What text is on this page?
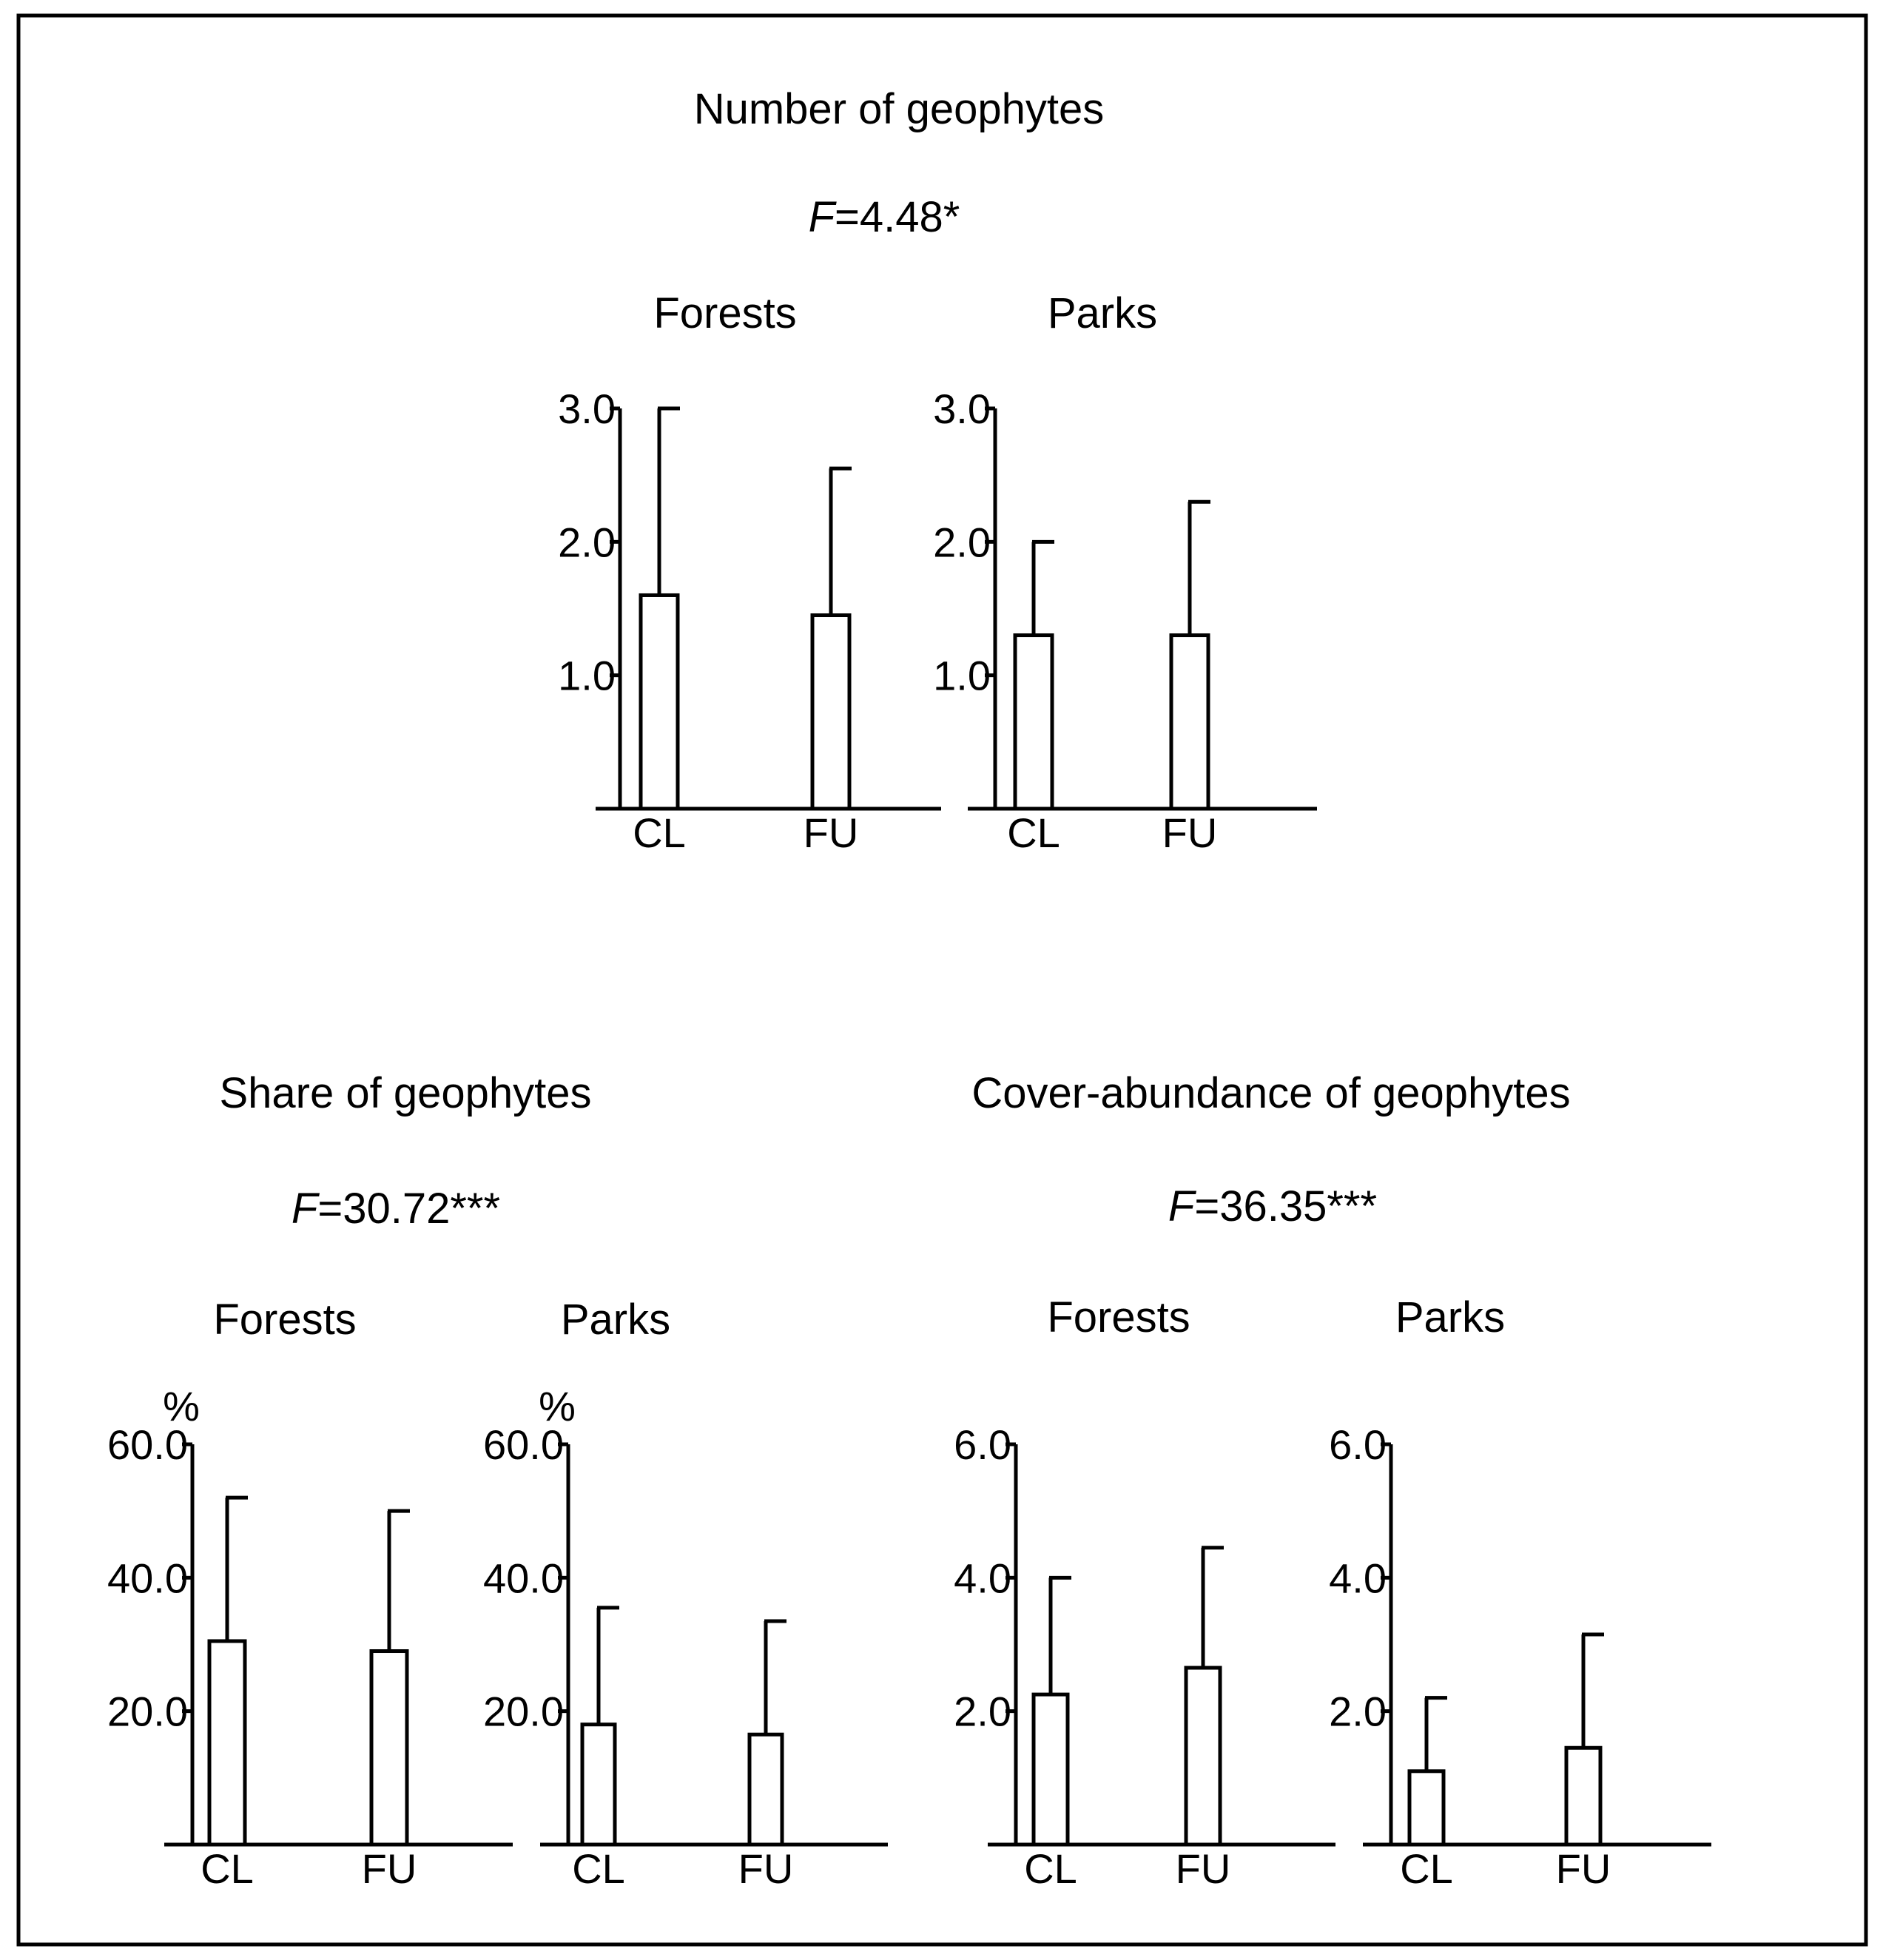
Number of geophytes
F=4.48*
Forests	Parks
1.0
2.0
3.0
CL	FU
1.0
2.0
3.0
CL FU
Share of geophytes
F=30.72***
Forests	Parks
20.0
40.0
60.0
%
CL	FU
20.0
40.0
60.0
%
CL	FU
Cover-abundance of geophytes
F=36.35***
Forests	Parks
2.0
4.0
6.0
CL FU
2.0
4.0
6.0
CL FU
